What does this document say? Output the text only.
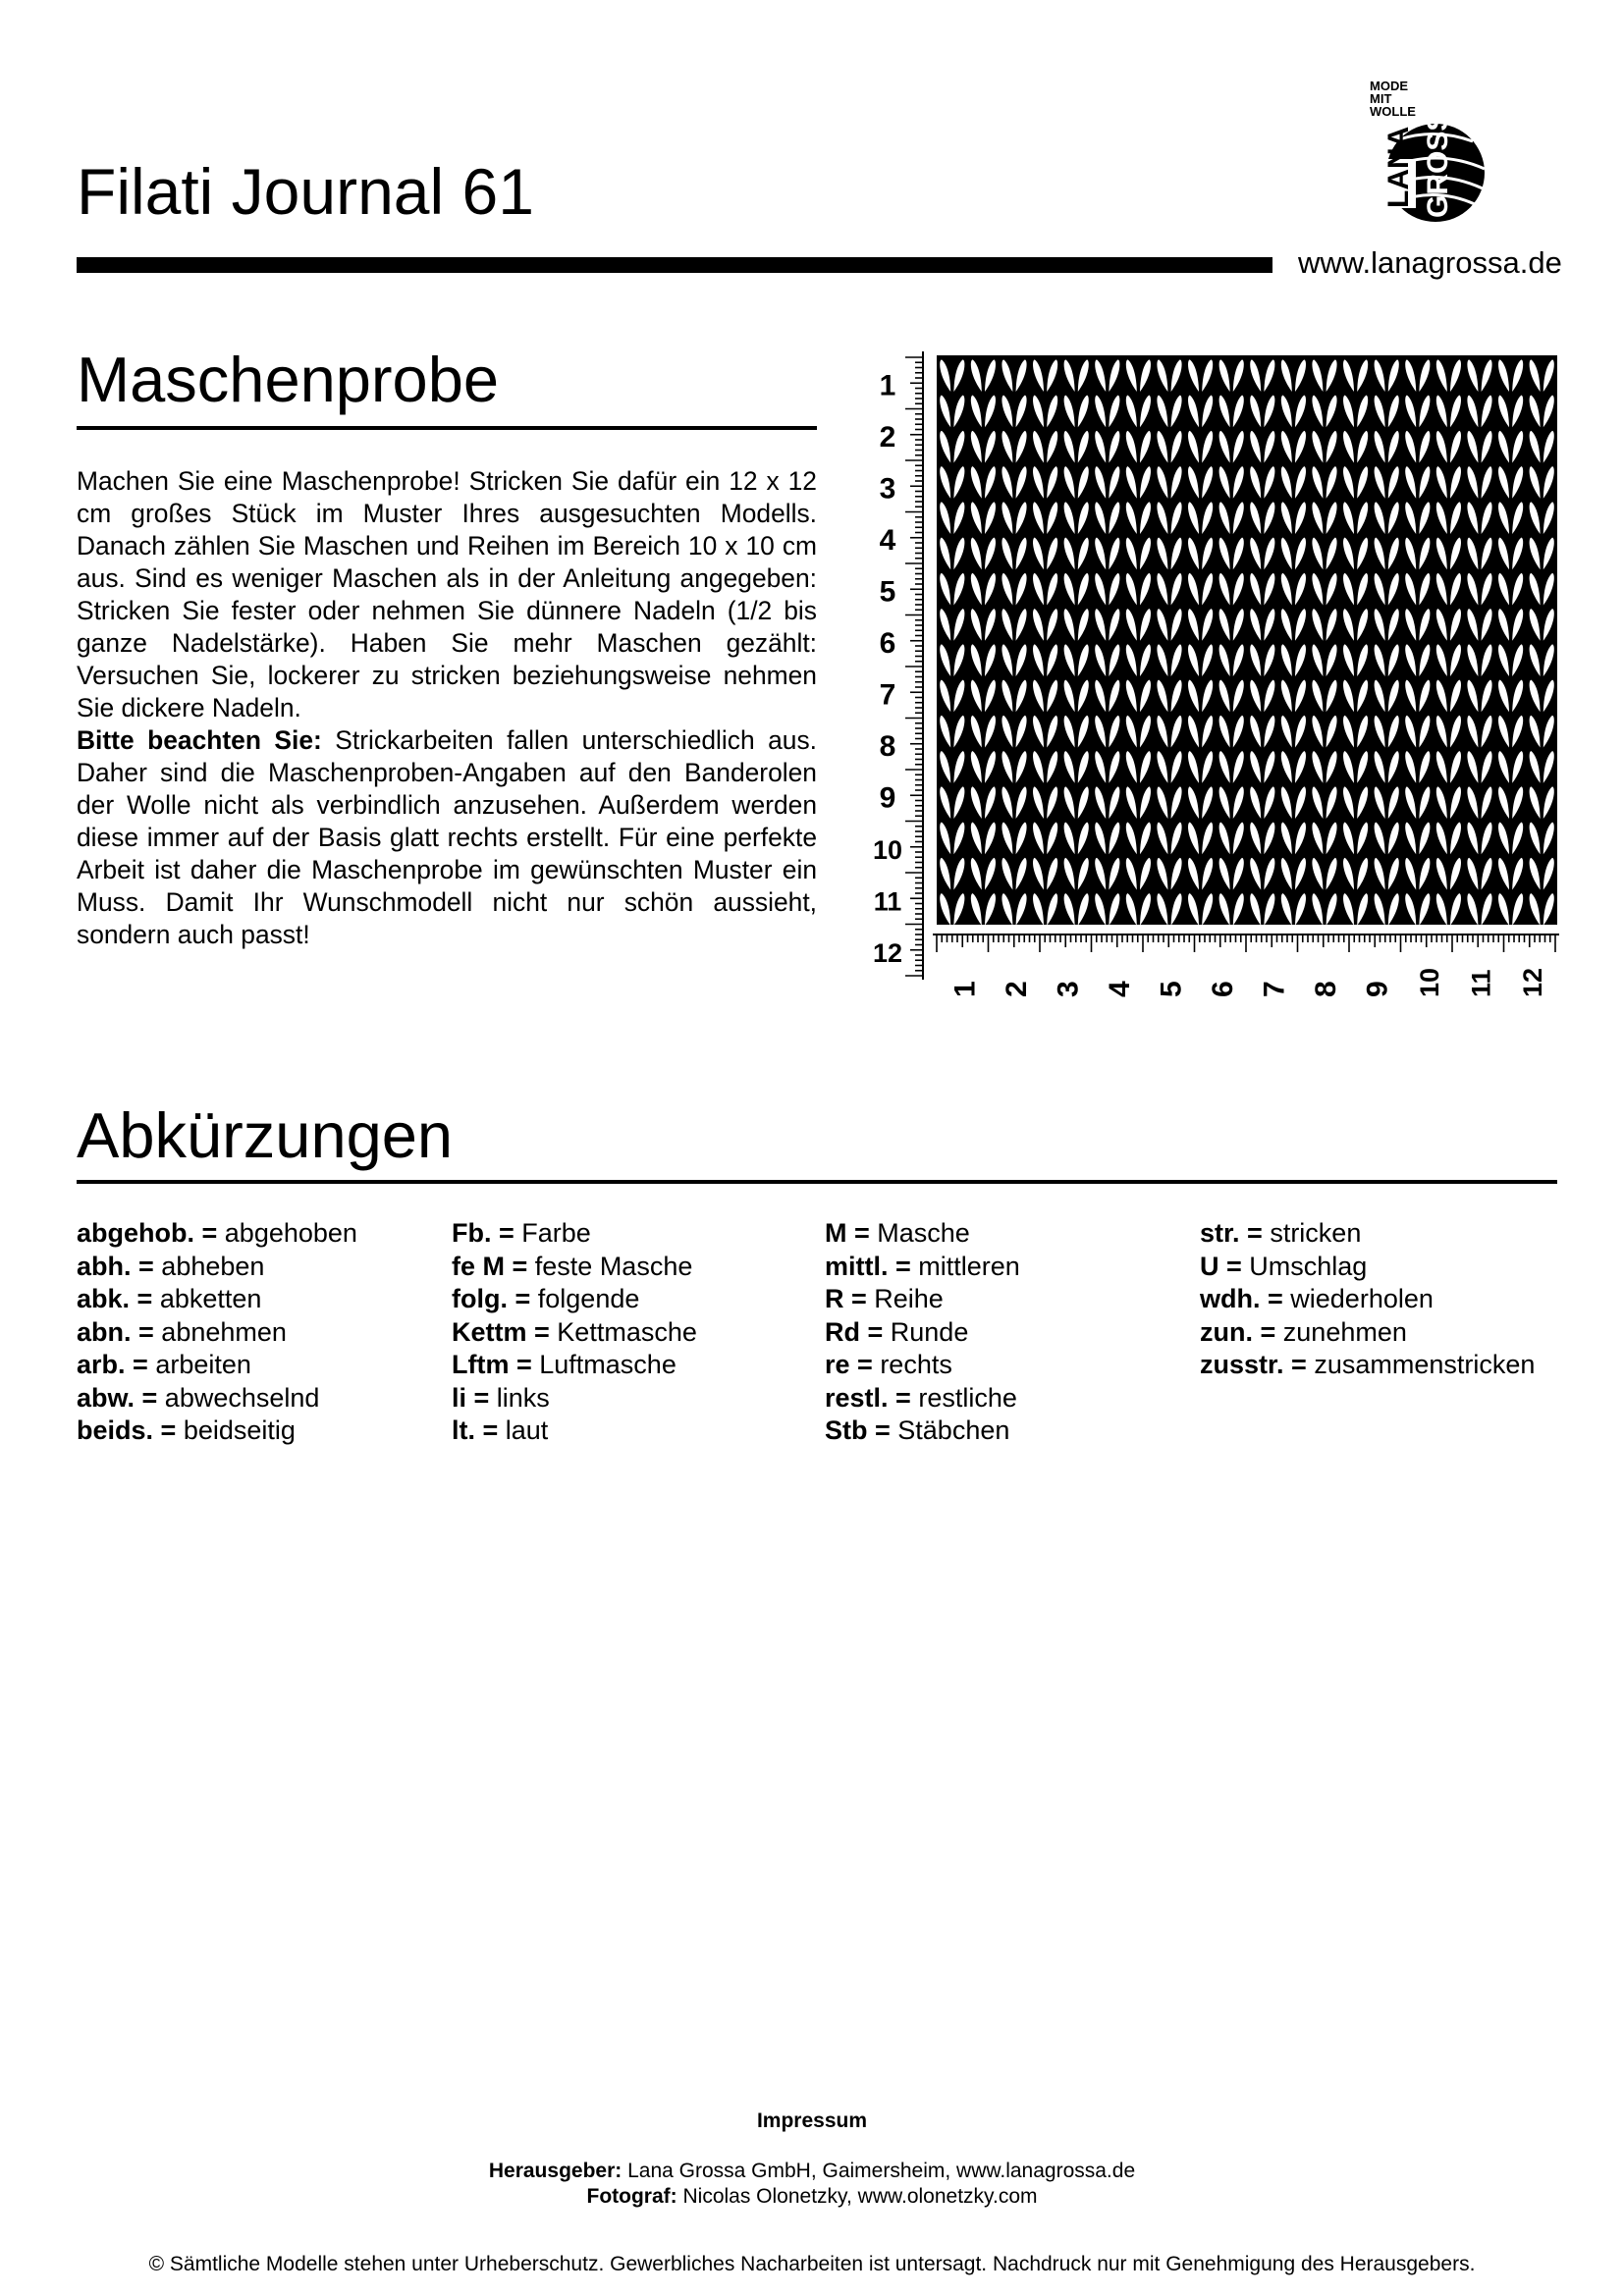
Filati Journal 61
www.lanagrossa.de
MODE
MIT
WOLLE
LANA GROSSA
Maschenprobe

Machen Sie eine Maschenprobe! Stricken Sie dafür ein 12 x 12 cm großes Stück im Muster Ihres ausgesuchten Modells. Danach zählen Sie Maschen und Reihen im Bereich 10 x 10 cm aus. Sind es weniger Maschen als in der Anleitung angegeben: Stricken Sie fester oder nehmen Sie dünnere Nadeln (1/2 bis ganze Nadelstärke). Haben Sie mehr Maschen gezählt: Versuchen Sie, lockerer zu stricken beziehungsweise nehmen Sie dickere Nadeln.

Bitte beachten Sie: Strickarbeiten fallen unterschiedlich aus. Daher sind die Maschenproben-Angaben auf den Banderolen der Wolle nicht als verbindlich anzusehen. Außerdem werden diese immer auf der Basis glatt rechts erstellt. Für eine perfekte Arbeit ist daher die Maschenprobe im gewünschten Muster ein Muss. Damit Ihr Wunschmodell nicht nur schön aussieht, sondern auch passt!

1
2
3
4
5
6
7
8
9
10
11
12
1 2 3 4 5 6 7 8 9 10 11 12
Abkürzungen
abgehob. = abgehoben
abh. = abheben
abk. = abketten
abn. = abnehmen
arb. = arbeiten
abw. = abwechselnd
beids. = beidseitig
Fb. = Farbe
fe M = feste Masche
folg. = folgende
Kettm = Kettmasche
Lftm = Luftmasche
li = links
lt. = laut
M = Masche
mittl. = mittleren
R = Reihe
Rd = Runde
re = rechts
restl. = restliche
Stb = Stäbchen
str. = stricken
U = Umschlag
wdh. = wiederholen
zun. = zunehmen
zusstr. = zusammenstricken
Impressum
Herausgeber: Lana Grossa GmbH, Gaimersheim, www.lanagrossa.de
Fotograf: Nicolas Olonetzky, www.olonetzky.com
© Sämtliche Modelle stehen unter Urheberschutz. Gewerbliches Nacharbeiten ist untersagt. Nachdruck nur mit Genehmigung des Herausgebers.
